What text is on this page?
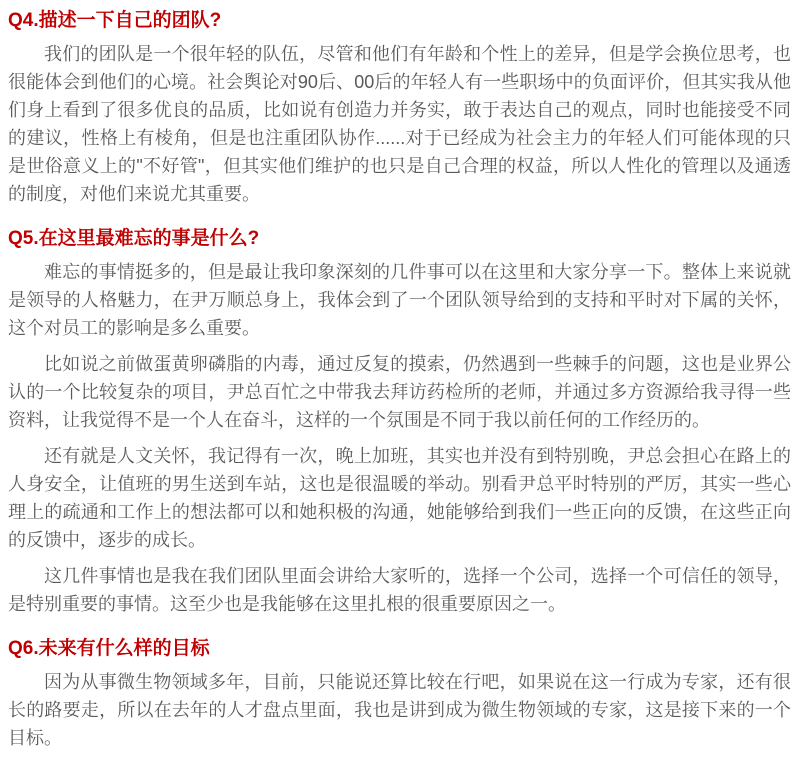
Q4.描述一下自己的团队?

我们的团队是一个很年轻的队伍，尽管和他们有年龄和个性上的差异，但是学会换位思考，也很能体会到他们的心境。社会舆论对90后、00后的年轻人有一些职场中的负面评价，但其实我从他们身上看到了很多优良的品质，比如说有创造力并务实，敢于表达自己的观点，同时也能接受不同的建议，性格上有棱角，但是也注重团队协作......对于已经成为社会主力的年轻人们可能体现的只是世俗意义上的"不好管"，但其实他们维护的也只是自己合理的权益，所以人性化的管理以及通透的制度，对他们来说尤其重要。

Q5.在这里最难忘的事是什么?

难忘的事情挺多的，但是最让我印象深刻的几件事可以在这里和大家分享一下。整体上来说就是领导的人格魅力，在尹万顺总身上，我体会到了一个团队领导给到的支持和平时对下属的关怀，这个对员工的影响是多么重要。

比如说之前做蛋黄卵磷脂的内毒，通过反复的摸索，仍然遇到一些棘手的问题，这也是业界公认的一个比较复杂的项目，尹总百忙之中带我去拜访药检所的老师，并通过多方资源给我寻得一些资料，让我觉得不是一个人在奋斗，这样的一个氛围是不同于我以前任何的工作经历的。

还有就是人文关怀，我记得有一次，晚上加班，其实也并没有到特别晚，尹总会担心在路上的人身安全，让值班的男生送到车站，这也是很温暖的举动。别看尹总平时特别的严厉，其实一些心理上的疏通和工作上的想法都可以和她积极的沟通，她能够给到我们一些正向的反馈，在这些正向的反馈中，逐步的成长。

这几件事情也是我在我们团队里面会讲给大家听的，选择一个公司，选择一个可信任的领导，是特别重要的事情。这至少也是我能够在这里扎根的很重要原因之一。

Q6.未来有什么样的目标

因为从事微生物领域多年，目前，只能说还算比较在行吧，如果说在这一行成为专家，还有很长的路要走，所以在去年的人才盘点里面，我也是讲到成为微生物领域的专家，这是接下来的一个目标。
